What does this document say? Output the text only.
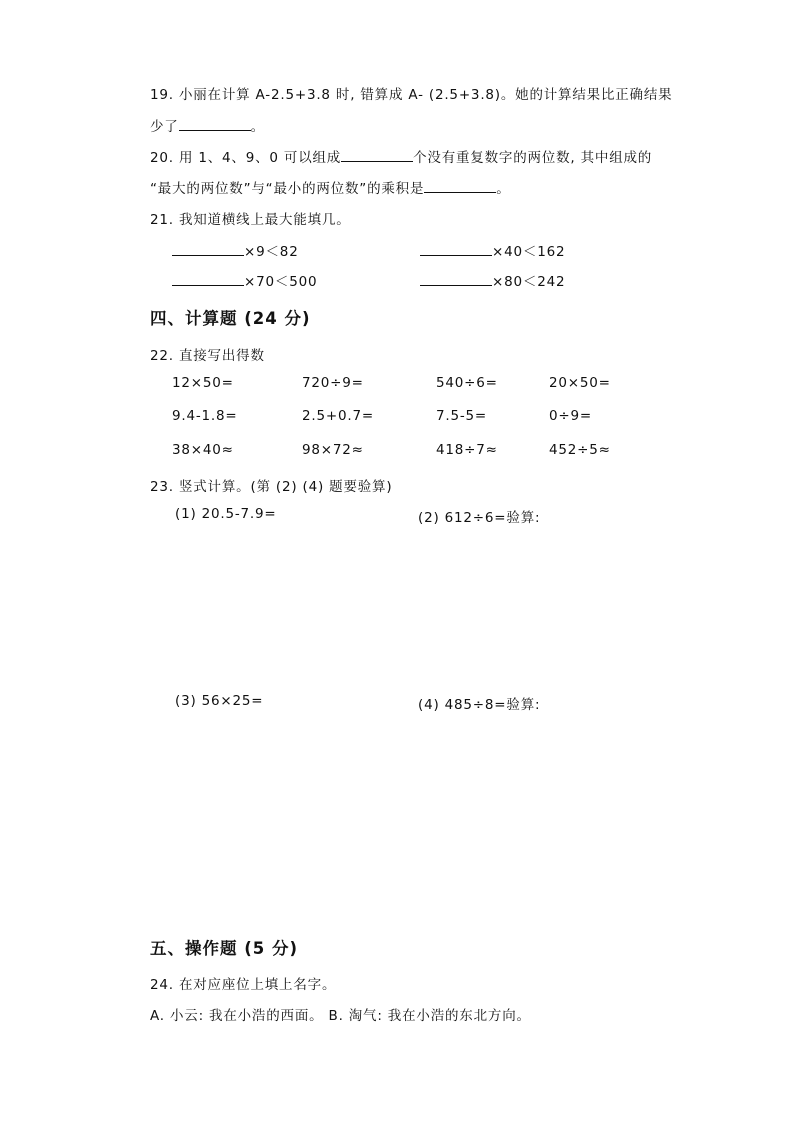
19. 小丽在计算 A-2.5+3.8 时, 错算成 A- (2.5+3.8)。她的计算结果比正确结果
少了	。
20. 用 1、4、9、0 可以组成	个没有重复数字的两位数, 其中组成的
“最大的两位数”与“最小的两位数”的乘积是	。
21. 我知道横线上最大能填几。
×9＜82	×40＜162
×70＜500	×80＜242
四、计算题 (24 分)
22. 直接写出得数
12×50=	720÷9=	540÷6=	20×50=
9.4-1.8=	2.5+0.7=	7.5-5=	0÷9=
38×40≈	98×72≈	418÷7≈	452÷5≈
23. 竖式计算。(第 (2) (4) 题要验算)
(1) 20.5-7.9=	(2) 612÷6=验算:
(3) 56×25=	(4) 485÷8=验算:
五、操作题 (5 分)
24. 在对应座位上填上名字。
A. 小云: 我在小浩的西面。 B. 淘气: 我在小浩的东北方向。
